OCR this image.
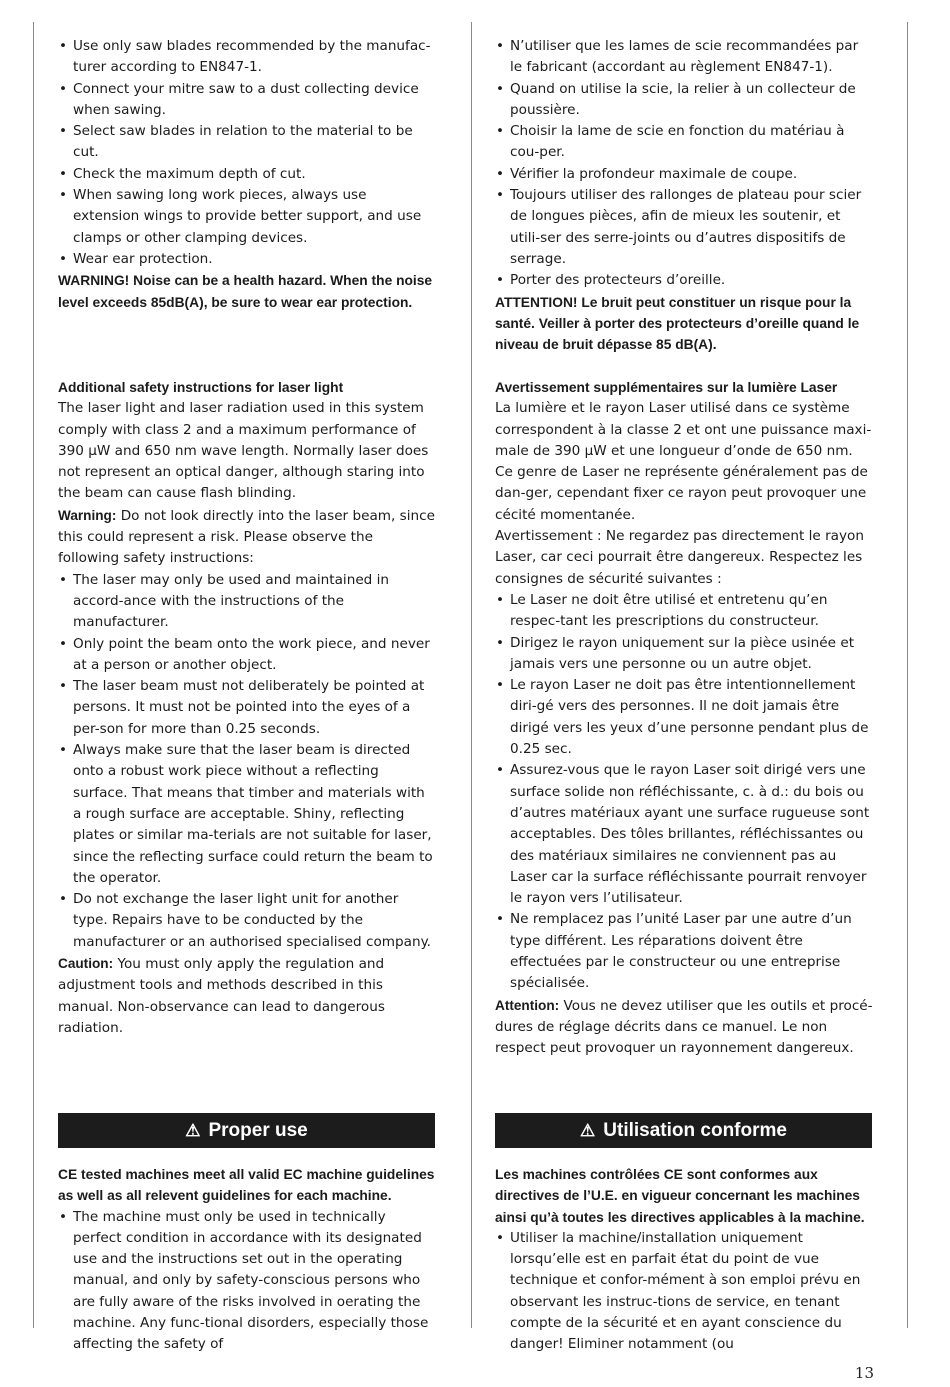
• Use only saw blades recommended by the manufac-turer according to EN847-1.
• Connect your mitre saw to a dust collecting device when sawing.
• Select saw blades in relation to the material to be cut.
• Check the maximum depth of cut.
• When sawing long work pieces, always use extension wings to provide better support, and use clamps or other clamping devices.
• Wear ear protection.

WARNING! Noise can be a health hazard. When the noise level exceeds 85dB(A), be sure to wear ear protection.

Additional safety instructions for laser light

The laser light and laser radiation used in this system comply with class 2 and a maximum performance of 390 µW and 650 nm wave length. Normally laser does not represent an optical danger, although staring into the beam can cause flash blinding.

Warning: Do not look directly into the laser beam, since this could represent a risk. Please observe the following safety instructions:

• The laser may only be used and maintained in accord-ance with the instructions of the manufacturer.
• Only point the beam onto the work piece, and never at a person or another object.
• The laser beam must not deliberately be pointed at persons. It must not be pointed into the eyes of a per-son for more than 0.25 seconds.
• Always make sure that the laser beam is directed onto a robust work piece without a reflecting surface. That means that timber and materials with a rough surface are acceptable. Shiny, reflecting plates or similar ma-terials are not suitable for laser, since the reflecting surface could return the beam to the operator.
• Do not exchange the laser light unit for another type. Repairs have to be conducted by the manufacturer or an authorised specialised company.

Caution: You must only apply the regulation and adjustment tools and methods described in this manual. Non-observance can lead to dangerous radiation.

⚠ Proper use

CE tested machines meet all valid EC machine guidelines as well as all relevent guidelines for each machine.

• The machine must only be used in technically perfect condition in accordance with its designated use and the instructions set out in the operating manual, and only by safety-conscious persons who are fully aware of the risks involved in oerating the machine. Any func-tional disorders, especially those affecting the safety of
• N’utiliser que les lames de scie recommandées par le fabricant (accordant au règlement EN847-1).
• Quand on utilise la scie, la relier à un collecteur de poussière.
• Choisir la lame de scie en fonction du matériau à cou-per.
• Vérifier la profondeur maximale de coupe.
• Toujours utiliser des rallonges de plateau pour scier de longues pièces, afin de mieux les soutenir, et utili-ser des serre-joints ou d’autres dispositifs de serrage.
• Porter des protecteurs d’oreille.

ATTENTION! Le bruit peut constituer un risque pour la santé. Veiller à porter des protecteurs d’oreille quand le niveau de bruit dépasse 85 dB(A).

Avertissement supplémentaires sur la lumière Laser

La lumière et le rayon Laser utilisé dans ce système correspondent à la classe 2 et ont une puissance maxi-male de 390 µW et une longueur d’onde de 650 nm. Ce genre de Laser ne représente généralement pas de dan-ger, cependant fixer ce rayon peut provoquer une cécité momentanée.

Avertissement : Ne regardez pas directement le rayon Laser, car ceci pourrait être dangereux. Respectez les consignes de sécurité suivantes :

• Le Laser ne doit être utilisé et entretenu qu’en respec-tant les prescriptions du constructeur.
• Dirigez le rayon uniquement sur la pièce usinée et jamais vers une personne ou un autre objet.
• Le rayon Laser ne doit pas être intentionnellement diri-gé vers des personnes. Il ne doit jamais être dirigé vers les yeux d’une personne pendant plus de 0.25 sec.
• Assurez-vous que le rayon Laser soit dirigé vers une surface solide non réfléchissante, c. à d.: du bois ou d’autres matériaux ayant une surface rugueuse sont acceptables. Des tôles brillantes, réfléchissantes ou des matériaux similaires ne conviennent pas au Laser car la surface réfléchissante pourrait renvoyer le rayon vers l’utilisateur.
• Ne remplacez pas l’unité Laser par une autre d’un type différent. Les réparations doivent être effectuées par le constructeur ou une entreprise spécialisée.

Attention: Vous ne devez utiliser que les outils et procé-dures de réglage décrits dans ce manuel. Le non respect peut provoquer un rayonnement dangereux.

⚠ Utilisation conforme

Les machines contrôlées CE sont conformes aux directives de l’U.E. en vigueur concernant les machines ainsi qu’à toutes les directives applicables à la machine.

• Utiliser la machine/installation uniquement lorsqu’elle est en parfait état du point de vue technique et confor-mément à son emploi prévu en observant les instruc-tions de service, en tenant compte de la sécurité et en ayant conscience du danger! Eliminer notamment (ou
13
